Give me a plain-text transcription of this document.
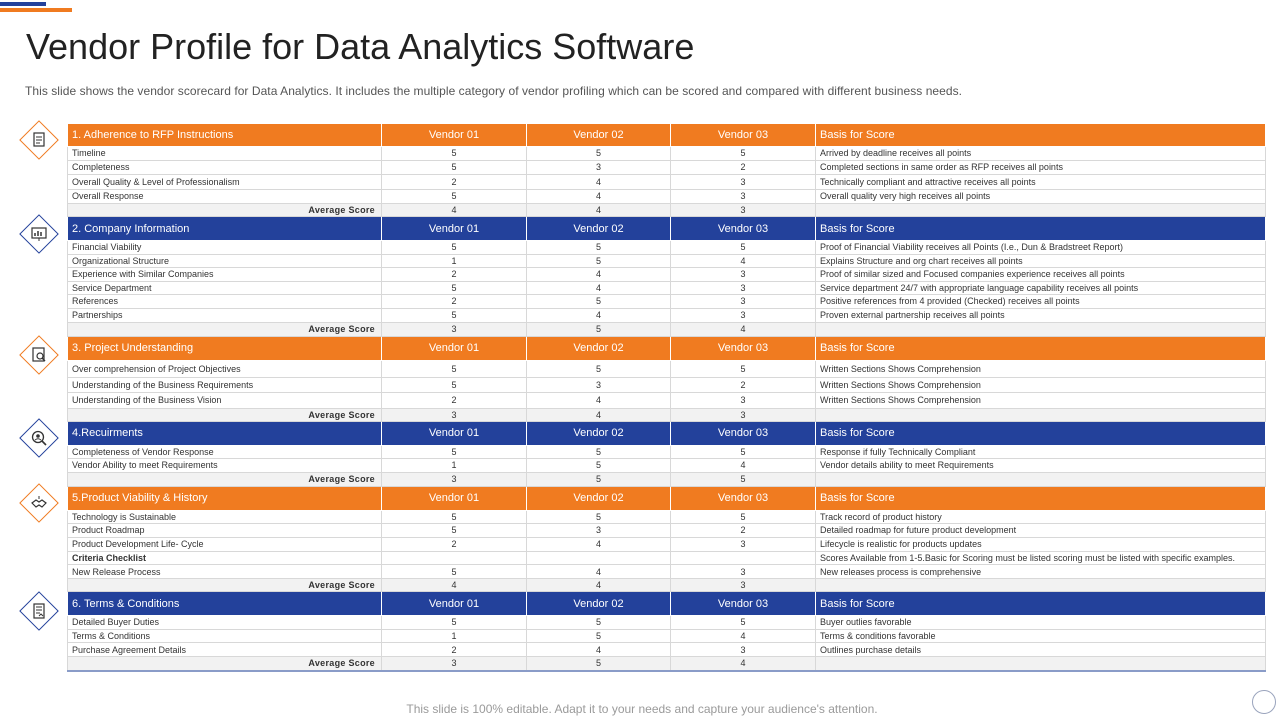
Vendor Profile for Data Analytics Software

This slide shows the vendor scorecard for Data Analytics. It includes the multiple category of vendor profiling which can be scored and compared with different business needs.

1. Adherence to RFP Instructions	Vendor 01	Vendor 02	Vendor 03	Basis for Score
Timeline	5	5	5	Arrived by deadline receives all points
Completeness	5	3	2	Completed sections in same order as RFP receives all points
Overall Quality & Level of Professionalism	2	4	3	Technically compliant and attractive receives all points
Overall Response	5	4	3	Overall quality very high receives all points
Average Score	4	4	3	
2. Company Information	Vendor 01	Vendor 02	Vendor 03	Basis for Score
Financial Viability	5	5	5	Proof of Financial Viability receives all Points (I.e., Dun & Bradstreet Report)
Organizational Structure	1	5	4	Explains Structure and org chart receives all points
Experience with Similar Companies	2	4	3	Proof of similar sized and Focused companies experience receives all points
Service Department	5	4	3	Service department 24/7 with appropriate language capability receives all points
References	2	5	3	Positive references from 4 provided (Checked) receives all points
Partnerships	5	4	3	Proven external partnership receives all points
Average Score	3	5	4	
3. Project Understanding	Vendor 01	Vendor 02	Vendor 03	Basis for Score
Over comprehension of Project Objectives	5	5	5	Written Sections Shows Comprehension
Understanding of the Business Requirements	5	3	2	Written Sections Shows Comprehension
Understanding of the Business Vision	2	4	3	Written Sections Shows Comprehension
Average Score	3	4	3	
4.Recuirments	Vendor 01	Vendor 02	Vendor 03	Basis for Score
Completeness of Vendor Response	5	5	5	Response if fully Technically Compliant
Vendor Ability to meet Requirements	1	5	4	Vendor details ability to meet Requirements
Average Score	3	5	5	
5.Product Viability & History	Vendor 01	Vendor 02	Vendor 03	Basis for Score
Technology is Sustainable	5	5	5	Track record of product history
Product Roadmap	5	3	2	Detailed roadmap for future product development
Product Development Life- Cycle	2	4	3	Lifecycle is realistic for products updates
Criteria Checklist				Scores Available from 1-5.Basic for Scoring must be listed scoring must be listed with specific examples.
New Release Process	5	4	3	New releases process is comprehensive
Average Score	4	4	3	
6. Terms & Conditions	Vendor 01	Vendor 02	Vendor 03	Basis for Score
Detailed Buyer Duties	5	5	5	Buyer outlies favorable
Terms & Conditions	1	5	4	Terms & conditions favorable
Purchase Agreement Details	2	4	3	Outlines purchase details
Average Score	3	5	4	
This slide is 100% editable. Adapt it to your needs and capture your audience's attention.
